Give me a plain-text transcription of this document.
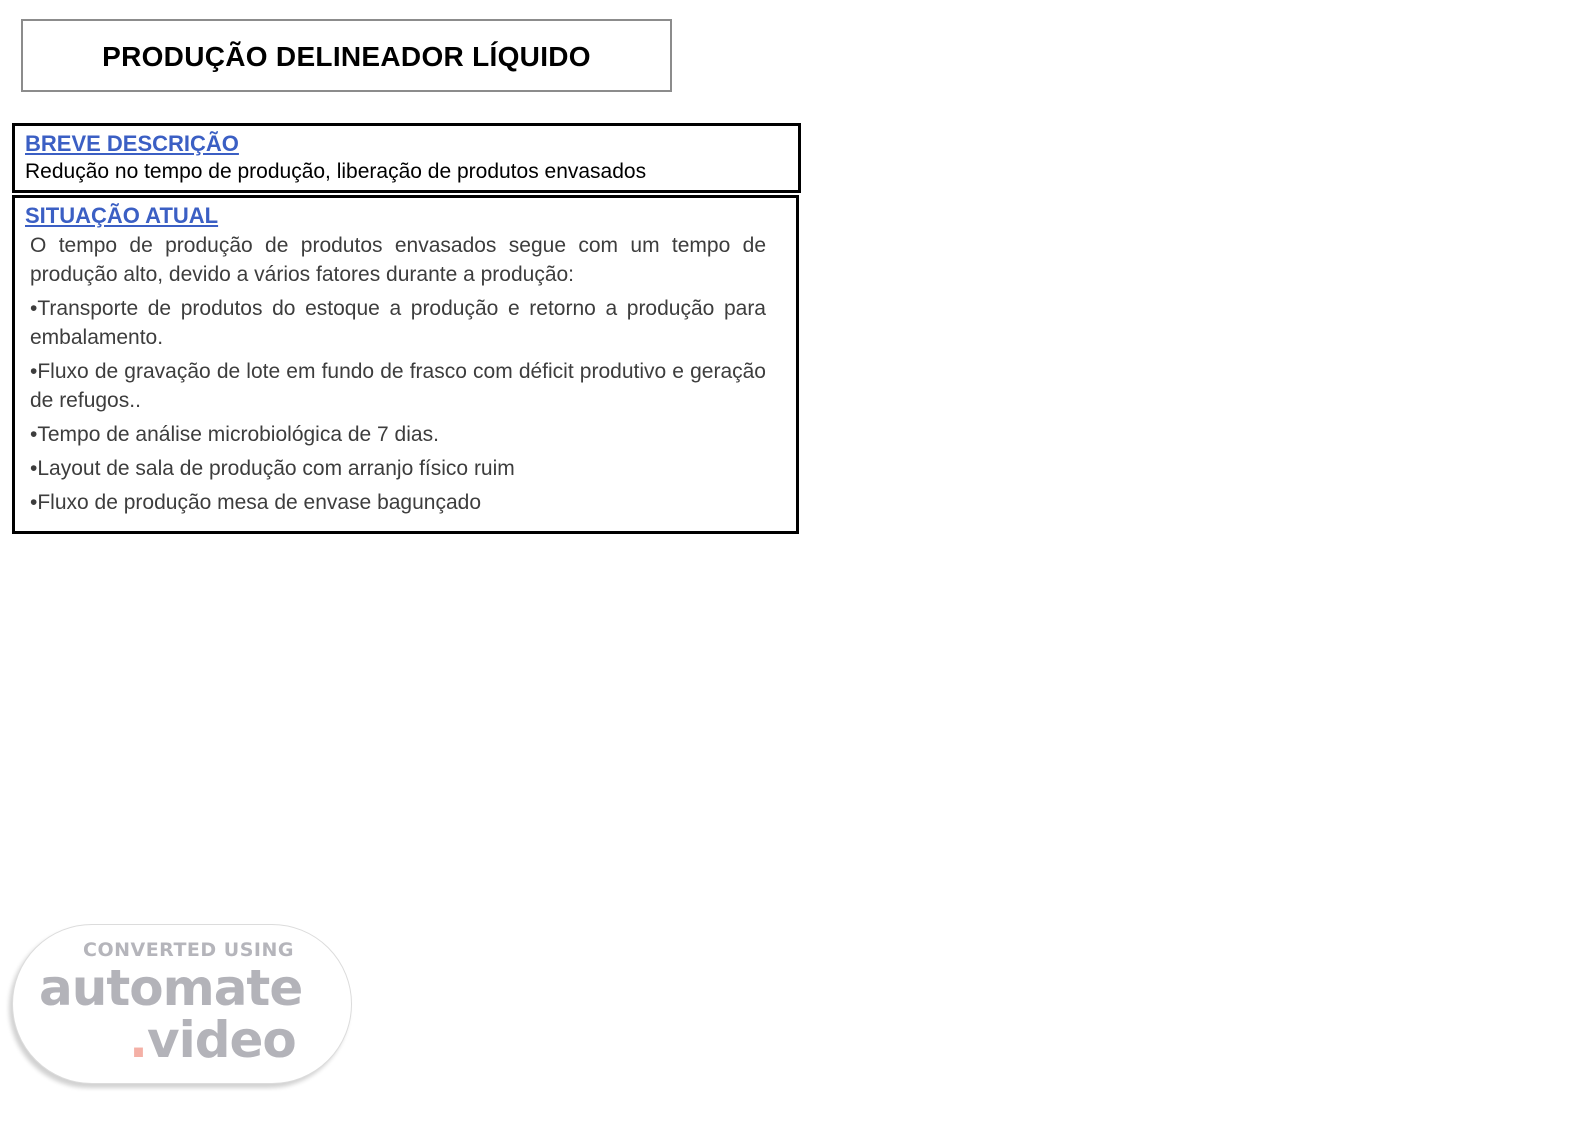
PRODUÇÃO DELINEADOR LÍQUIDO
BREVE DESCRIÇÃO
Redução no tempo de produção, liberação de produtos envasados
SITUAÇÃO ATUAL

O tempo de produção de produtos envasados segue com um tempo de produção alto, devido a vários fatores durante a produção:

•Transporte de produtos do estoque a produção e retorno a produção para embalamento.

•Fluxo de gravação de lote em fundo de frasco com déficit produtivo e geração de refugos..

•Tempo de análise microbiológica de 7 dias.

•Layout de sala de produção com arranjo físico ruim

•Fluxo de produção mesa de envase bagunçado

CONVERTED USING
automate
.video
